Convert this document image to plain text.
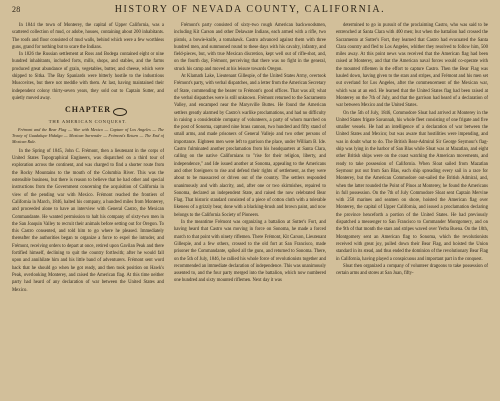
28	HISTORY OF NEVADA COUNTY, CALIFORNIA.

In 1844 the town of Monterey, the capital of Upper California, was a scattered collection of mud, or adobe, houses, containing about 200 inhabitants. The roofs and floor consisted of mud walls, behind which were a few worthless guns, grand for nothing but to scare the Indians.

In 1826 the Russian settlement at Ross and Bodega contained eight or nine hundred inhabitants, included forts, mills, shops, and stables, and the farms produced great abundance of grain, vegetables, butter, and cheese, which were shipped to Sitka. The Bay Spaniards were bitterly hostile to the industrious Muscovites, but there not meddle with them. At last, having maintained their independent colony thirty-seven years, they sold out to Captain Sutter, and quietly moved away.

CHAPTER
THE AMERICAN CONQUEST.
Frémont and the Bear Flag — War with Mexico — Capture of Los Angeles — The Treaty of Guadalupe Hidalgo — Mexican Surrender — Frémont's Return — The End of Mexican Rule.

In the Spring of 1845, John C. Frémont, then a lieutenant in the corps of United States Topographical Engineers, was dispatched on a third tour of exploration across the continent, and was charged to find a shorter route from the Rocky Mountains to the mouth of the Columbia River. This was the ostensible business, but there is reason to believe that he had other and special instructions from the Government concerning the acquisition of California in view of the pending war with Mexico. Frémont reached the frontiers of California in March, 1846, halted his company, a hundred miles from Monterey, and proceeded alone to have an interview with General Castro, the Mexican Commandante. He wanted permission to halt his company of sixty-two men in the San Joaquin Valley to recruit their animals before setting out for Oregon. To this Castro consented, and told him to go where he pleased. Immediately thereafter the authorities began to organize a force to expel the intruder, and Frémont, receiving orders to depart at once, retired upon Gavilan Peak and there fortified himself, declining to quit the country forthwith; after he would fall upon and annihilate him and his little band of adventurers. Frémont sent word back that he should go when he got ready, and then took position on Hawk's Peak, overlooking Monterey, and raised the American flag. At this time neither party had heard of any declaration of war between the United States and Mexico.

Frémont's party consisted of sixty-two rough American backwoodsmen, including Kit Carson and other Delaware Indians, each armed with a rifle, two pistols, a bowie-knife, a tomahawk. Castro advanced against them with three hundred men, and summoned round to these days with his cavalry, infantry, and field-pieces, but, with true Mexican discretion, kept well out of rifle-shot, and, on the fourth day, Frémont, perceiving that there was no fight in the general, struck his camp and moved at his leisure towards Oregon.

At Klamath Lake, Lieutenant Gillespie, of the United States Army, overtook Frémont's party, with verbal dispatches, and a letter from the American Secretary of State, commending the bearer to Frémont's good offices. That was all; what the verbal dispatches were is still unknown. Frémont returned to the Sacramento Valley, and encamped near the Marysville Buttes. He found the American settlers greatly alarmed by Castro's warlike proclamations, and had no difficulty in raising a considerable company of volunteers, a party of whom marched on the post of Sonoma, captured nine brass cannon, two hundred and fifty stand of small arms, and made prisoners of General Vallejo and two other persons of importance. Eighteen men were left to garrison the place, under William B. Ide. Castro fulminated another proclamation from his headquarters at Santa Clara, calling on the native Californians to "rise for their religion, liberty, and independence," and Ide issued another at Sonoma, appealing to the Americans and other foreigners to rise and defend their rights of settlement, as they were about to be massacred or driven out of the country. The settlers responded unanimously and with alacrity, and, after one or two skirmishes, repaired to Sonoma, declared an independent State, and raised the now celebrated Bear Flag. That historic standard consisted of a piece of cotton cloth with a tolerable likeness of a grizzly bear, done with a blacking-brush and brown paint, and now belongs to the California Society of Pioneers.

In the meantime Frémont was organizing a battalion at Sutter's Fort, and having heard that Castro was moving in force on Sonoma, he made a forced march to that point with ninety riflemen. There Frémont, Kit Carson, Lieutenant Gillespie, and a few others, crossed to the old fort at San Francisco, made prisoner the Commandante, spiked all the guns, and returned to Sonoma. There, on the 5th of July, 1846, he rallied his whole force of revolutionists together and recommended an immediate declaration of independence. This was unanimously assented to, and the four party merged into the battalion, which now numbered one hundred and sixty mounted riflemen. Next day it was

determined to go in pursuit of the proclaiming Castro, who was said to be entrenched at Santa Clara with 400 men; but when the battalion had crossed the Sacramento at Sutter's Fort, they learned that Castro had evacuated the Santa Clara country and fled to Los Angeles, whither they resolved to follow him, 500 miles away. At this point news was received that the American flag had been raised at Monterey, and that the American naval forces would co-operate with the mounted riflemen in the effort to capture Castro. Then the Bear Flag was hauled down, having given to the stars and stripes, and Frémont and his men set out overland for Los Angeles, after the commencement of the Mexican war, which was at an end. He learned that the United States flag had been raised at Monterey on the 7th of July, and that the garrison had heard of a declaration of war between Mexico and the United States.

On the 5th of July, 1846, Commodore Sloat had arrived at Monterey in the United States frigate Savannah, his whole fleet consisting of one frigate and five smaller vessels. He had an intelligence of a declaration of war between the United States and Mexico; but was aware that hostilities were impending, and was in doubt what to do. The British Rear-Admiral Sir George Seymour's flag-ship was lying in the harbor of San Blas while Sloat was at Mazatlan, and eight other British ships were on the coast watching the American movements, and ready to take possession of California. When Sloat sailed from Mazatlan Seymour put out from San Blas, each ship spreading every sail in a race for Monterey, but the American Commodore out-sailed the British Admiral, and, when the latter rounded the Point of Pinos at Monterey, he found the Americans in full possession. On the 7th of July Commodore Sloat sent Captain Mervine with 250 marines and seamen on shore, hoisted the American flag over Monterey, the capital of Upper California, and issued a proclamation declaring the province henceforth a portion of the United States. He had previously dispatched a messenger to San Francisco to Commander Montgomery, and on the 9th of that month the stars and stripes waved over Yerba Buena. On the 10th, Montgomery sent an American flag to Sonoma, which the revolutionists received with great joy, pulled down their Bear Flag, and hoisted the Union standard in its stead, and thus ended the dominion of the revolutionary Bear Flag in California, having played a conspicuous and important part in the conquest.

Sloat then organized a company of volunteer dragoons to take possession of certain arms and stores at San Juan, fifty-
